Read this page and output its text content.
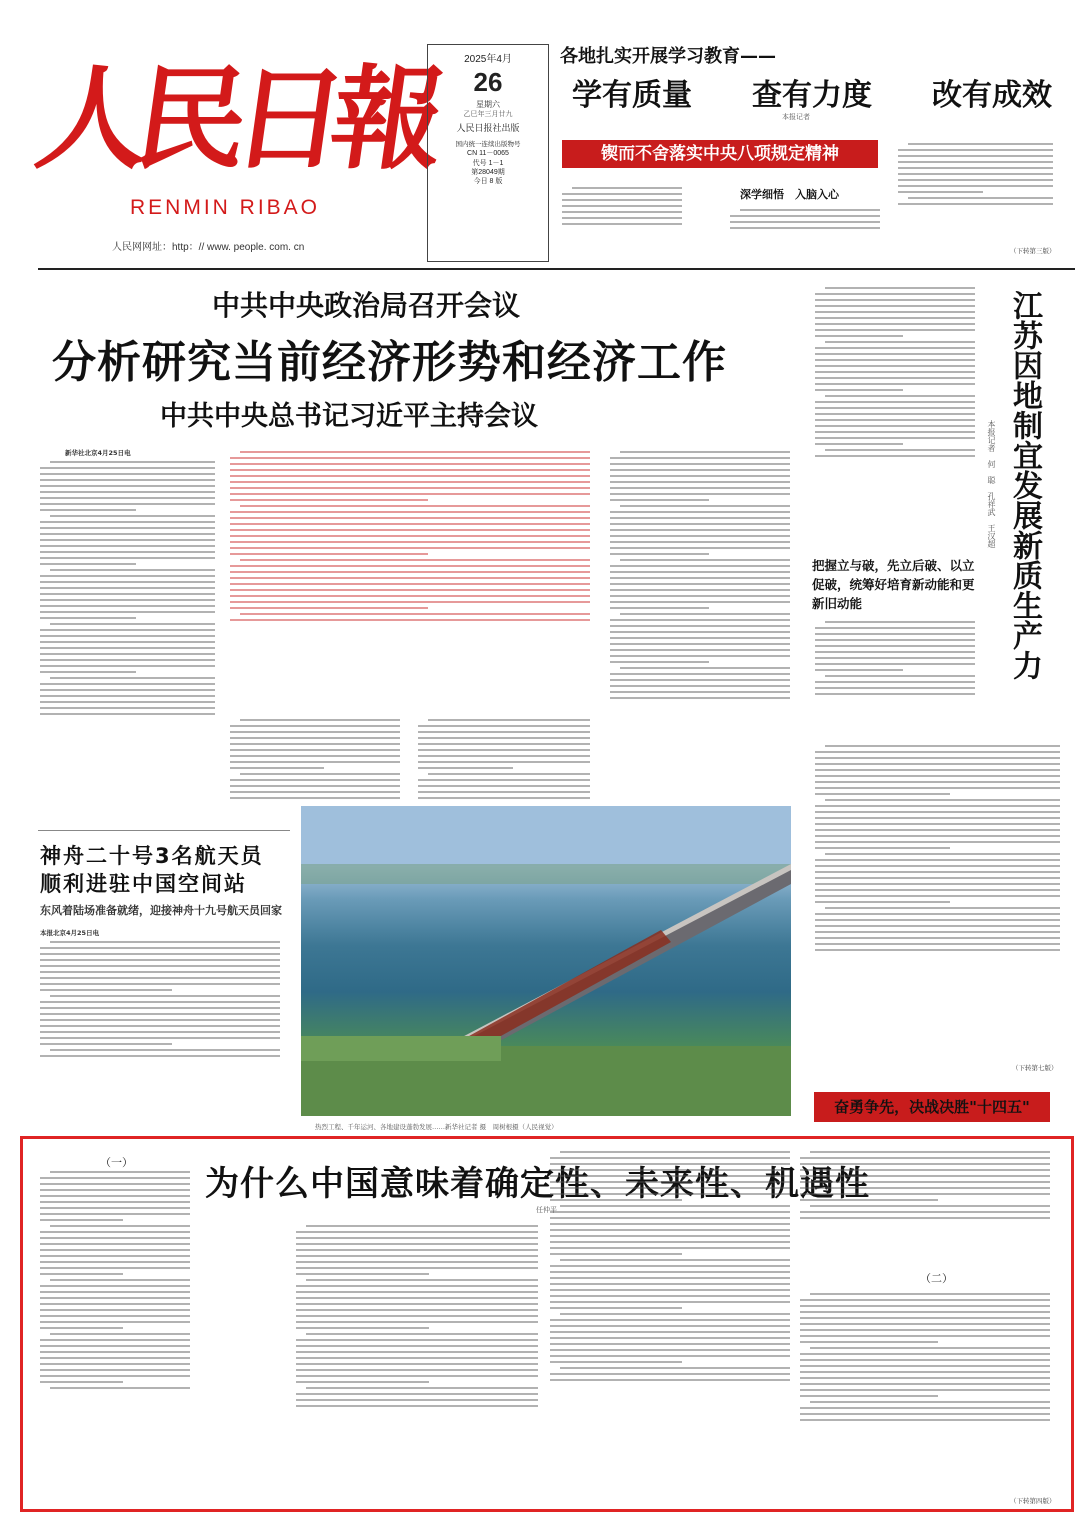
人民日報
RENMIN RIBAO
人民网网址：http：// www. people. com. cn
2025年4月
26
星期六
乙巳年三月廿九
人民日报社出版
国内统一连续出版物号
CN 11－0065
代号 1－1
第28049期
今日 8 版
各地扎实开展学习教育——
学有质量 查有力度 改有成效
本报记者
锲而不舍落实中央八项规定精神
深学细悟　 入脑入心
（下转第三版）
中共中央政治局召开会议
分析研究当前经济形势和经济工作
中共中央总书记习近平主持会议
新华社北京4月25日电	江苏因地制宜发展新质生产力
本报记者　何　聪　孔祥武　王汉超
把握立与破，先立后破、以立促破，统筹好培育新动能和更新旧动能
（下转第七版）
奋勇争先，决战决胜"十四五"
神舟二十号3名航天员
顺利进驻中国空间站
东风着陆场准备就绪，迎接神舟十九号航天员回家
本报北京4月25日电
热烈工程、千年运河、各地建设蓬勃发展……新华社记者 摄　 周树根摄（人民视觉）
（一）
为什么中国意味着确定性、未来性、机遇性
任仲平
（二）
（下转第四版）
